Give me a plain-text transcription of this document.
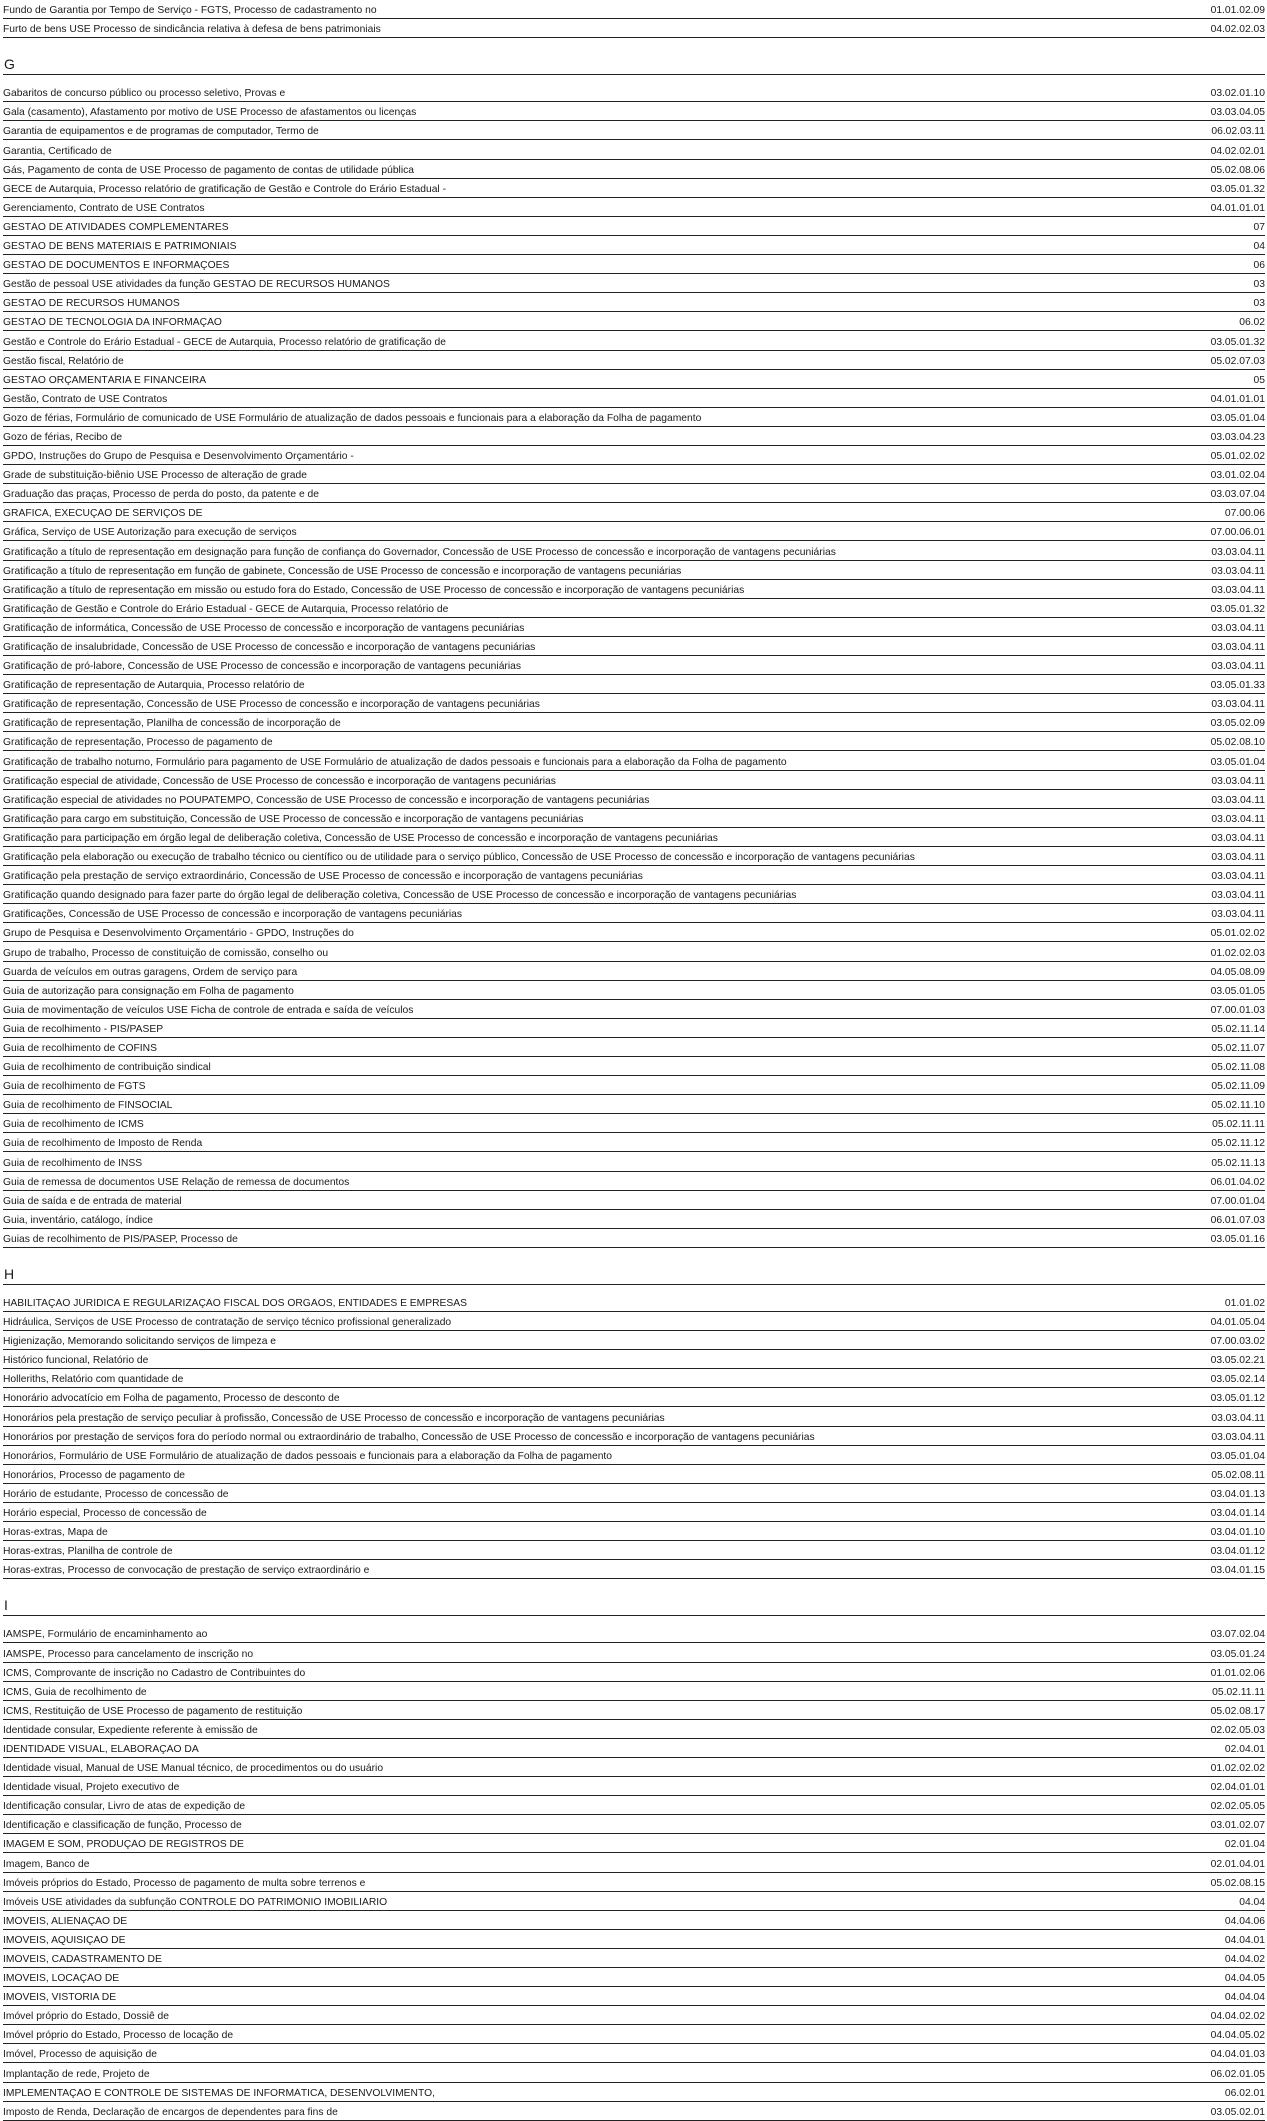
Fundo de Garantia por Tempo de Serviço - FGTS, Processo de cadastramento no	01.01.02.09
Furto de bens USE Processo de sindicância relativa à defesa de bens patrimoniais	04.02.02.03
G
Gabaritos de concurso público ou processo seletivo, Provas e	03.02.01.10
Gala (casamento), Afastamento por motivo de USE Processo de afastamentos ou licenças	03.03.04.05
Garantia de equipamentos e de programas de computador, Termo de	06.02.03.11
Garantia, Certificado de	04.02.02.01
Gás, Pagamento de conta de USE Processo de pagamento de contas de utilidade pública	05.02.08.06
GECE de Autarquia, Processo relatório de gratificação de Gestão e Controle do Erário Estadual -	03.05.01.32
Gerenciamento, Contrato de USE Contratos	04.01.01.01
GESTÃO DE ATIVIDADES COMPLEMENTARES	07
GESTÃO DE BENS MATERIAIS E PATRIMONIAIS	04
GESTÃO DE DOCUMENTOS E INFORMAÇÕES	06
Gestão de pessoal USE atividades da função GESTÃO DE RECURSOS HUMANOS	03
GESTÃO DE RECURSOS HUMANOS	03
GESTÃO DE TECNOLOGIA DA INFORMAÇÃO	06.02
Gestão e Controle do Erário Estadual - GECE de Autarquia, Processo relatório de gratificação de	03.05.01.32
Gestão fiscal, Relatório de	05.02.07.03
GESTÃO ORÇAMENTÁRIA E FINANCEIRA	05
Gestão, Contrato de USE Contratos	04.01.01.01
Gozo de férias, Formulário de comunicado de USE Formulário de atualização de dados pessoais e funcionais para a elaboração da Folha de pagamento	03.05.01.04
Gozo de férias, Recibo de	03.03.04.23
GPDO, Instruções do Grupo de Pesquisa e Desenvolvimento Orçamentário -	05.01.02.02
Grade de substituição-biênio USE Processo de alteração de grade	03.01.02.04
Graduação das praças, Processo de perda do posto, da patente e de	03.03.07.04
GRÁFICA, EXECUÇÃO DE SERVIÇOS DE	07.00.06
Gráfica, Serviço de USE Autorização para execução de serviços	07.00.06.01
Gratificação a título de representação em designação para função de confiança do Governador, Concessão de USE Processo de concessão e incorporação de vantagens pecuniárias	03.03.04.11
Gratificação a título de representação em função de gabinete, Concessão de USE Processo de concessão e incorporação de vantagens pecuniárias	03.03.04.11
Gratificação a título de representação em missão ou estudo fora do Estado, Concessão de USE Processo de concessão e incorporação de vantagens pecuniárias	03.03.04.11
Gratificação de Gestão e Controle do Erário Estadual - GECE de Autarquia, Processo relatório de	03.05.01.32
Gratificação de informática, Concessão de USE Processo de concessão e incorporação de vantagens pecuniárias	03.03.04.11
Gratificação de insalubridade, Concessão de USE Processo de concessão e incorporação de vantagens pecuniárias	03.03.04.11
Gratificação de pró-labore, Concessão de USE Processo de concessão e incorporação de vantagens pecuniárias	03.03.04.11
Gratificação de representação de Autarquia, Processo relatório de	03.05.01.33
Gratificação de representação, Concessão de USE Processo de concessão e incorporação de vantagens pecuniárias	03.03.04.11
Gratificação de representação, Planilha de concessão de incorporação de	03.05.02.09
Gratificação de representação, Processo de pagamento de	05.02.08.10
Gratificação de trabalho noturno, Formulário para pagamento de USE Formulário de atualização de dados pessoais e funcionais para a elaboração da Folha de pagamento	03.05.01.04
Gratificação especial de atividade, Concessão de USE Processo de concessão e incorporação de vantagens pecuniárias	03.03.04.11
Gratificação especial de atividades no POUPATEMPO, Concessão de USE Processo de concessão e incorporação de vantagens pecuniárias	03.03.04.11
Gratificação para cargo em substituição, Concessão de USE Processo de concessão e incorporação de vantagens pecuniárias	03.03.04.11
Gratificação para participação em órgão legal de deliberação coletiva, Concessão de USE Processo de concessão e incorporação de vantagens pecuniárias	03.03.04.11
Gratificação pela elaboração ou execução de trabalho técnico ou científico ou de utilidade para o serviço público, Concessão de USE Processo de concessão e incorporação de vantagens pecuniárias	03.03.04.11
Gratificação pela prestação de serviço extraordinário, Concessão de USE Processo de concessão e incorporação de vantagens pecuniárias	03.03.04.11
Gratificação quando designado para fazer parte do órgão legal de deliberação coletiva, Concessão de USE Processo de concessão e incorporação de vantagens pecuniárias	03.03.04.11
Gratificações, Concessão de USE Processo de concessão e incorporação de vantagens pecuniárias	03.03.04.11
Grupo de Pesquisa e Desenvolvimento Orçamentário - GPDO, Instruções do	05.01.02.02
Grupo de trabalho, Processo de constituição de comissão, conselho ou	01.02.02.03
Guarda de veículos em outras garagens, Ordem de serviço para	04.05.08.09
Guia de autorização para consignação em Folha de pagamento	03.05.01.05
Guia de movimentação de veículos USE Ficha de controle de entrada e saída de veículos	07.00.01.03
Guia de recolhimento - PIS/PASEP	05.02.11.14
Guia de recolhimento de COFINS	05.02.11.07
Guia de recolhimento de contribuição sindical	05.02.11.08
Guia de recolhimento de FGTS	05.02.11.09
Guia de recolhimento de FINSOCIAL	05.02.11.10
Guia de recolhimento de ICMS	05.02.11.11
Guia de recolhimento de Imposto de Renda	05.02.11.12
Guia de recolhimento de INSS	05.02.11.13
Guia de remessa de documentos USE Relação de remessa de documentos	06.01.04.02
Guia de saída e de entrada de material	07.00.01.04
Guia, inventário, catálogo, índice	06.01.07.03
Guias de recolhimento de PIS/PASEP, Processo de	03.05.01.16
H
HABILITAÇÃO JURÍDICA E REGULARIZAÇÃO FISCAL DOS ÓRGÃOS, ENTIDADES E EMPRESAS	01.01.02
Hidráulica, Serviços de USE Processo de contratação de serviço técnico profissional generalizado	04.01.05.04
Higienização, Memorando solicitando serviços de limpeza e	07.00.03.02
Histórico funcional, Relatório de	03.05.02.21
Holleriths, Relatório com quantidade de	03.05.02.14
Honorário advocatício em Folha de pagamento, Processo de desconto de	03.05.01.12
Honorários pela prestação de serviço peculiar à profissão, Concessão de USE Processo de concessão e incorporação de vantagens pecuniárias	03.03.04.11
Honorários por prestação de serviços fora do período normal ou extraordinário de trabalho, Concessão de USE Processo de concessão e incorporação de vantagens pecuniárias	03.03.04.11
Honorários, Formulário de USE Formulário de atualização de dados pessoais e funcionais para a elaboração da Folha de pagamento	03.05.01.04
Honorários, Processo de pagamento de	05.02.08.11
Horário de estudante, Processo de concessão de	03.04.01.13
Horário especial, Processo de concessão de	03.04.01.14
Horas-extras, Mapa de	03.04.01.10
Horas-extras, Planilha de controle de	03.04.01.12
Horas-extras, Processo de convocação de prestação de serviço extraordinário e	03.04.01.15
I
IAMSPE, Formulário de encaminhamento ao	03.07.02.04
IAMSPE, Processo para cancelamento de inscrição no	03.05.01.24
ICMS, Comprovante de inscrição no Cadastro de Contribuintes do	01.01.02.06
ICMS, Guia de recolhimento de	05.02.11.11
ICMS, Restituição de USE Processo de pagamento de restituição	05.02.08.17
Identidade consular, Expediente referente à emissão de	02.02.05.03
IDENTIDADE VISUAL, ELABORAÇÃO DA	02.04.01
Identidade visual, Manual de USE Manual técnico, de procedimentos ou do usuário	01.02.02.02
Identidade visual, Projeto executivo de	02.04.01.01
Identificação consular, Livro de atas de expedição de	02.02.05.05
Identificação e classificação de função, Processo de	03.01.02.07
IMAGEM E SOM, PRODUÇÃO DE REGISTROS DE	02.01.04
Imagem, Banco de	02.01.04.01
Imóveis próprios do Estado, Processo de pagamento de multa sobre terrenos e	05.02.08.15
Imóveis USE atividades da subfunção CONTROLE DO PATRIMÔNIO IMOBILIÁRIO	04.04
IMÓVEIS, ALIENAÇÃO DE	04.04.06
IMÓVEIS, AQUISIÇÃO DE	04.04.01
IMÓVEIS, CADASTRAMENTO DE	04.04.02
IMÓVEIS, LOCAÇÃO DE	04.04.05
IMÓVEIS, VISTORIA DE	04.04.04
Imóvel próprio do Estado, Dossiê de	04.04.02.02
Imóvel próprio do Estado, Processo de locação de	04.04.05.02
Imóvel, Processo de aquisição de	04.04.01.03
Implantação de rede, Projeto de	06.02.01.05
IMPLEMENTAÇÃO E CONTROLE DE SISTEMAS DE INFORMÁTICA, DESENVOLVIMENTO,	06.02.01
Imposto de Renda, Declaração de encargos de dependentes para fins de	03.05.02.01
